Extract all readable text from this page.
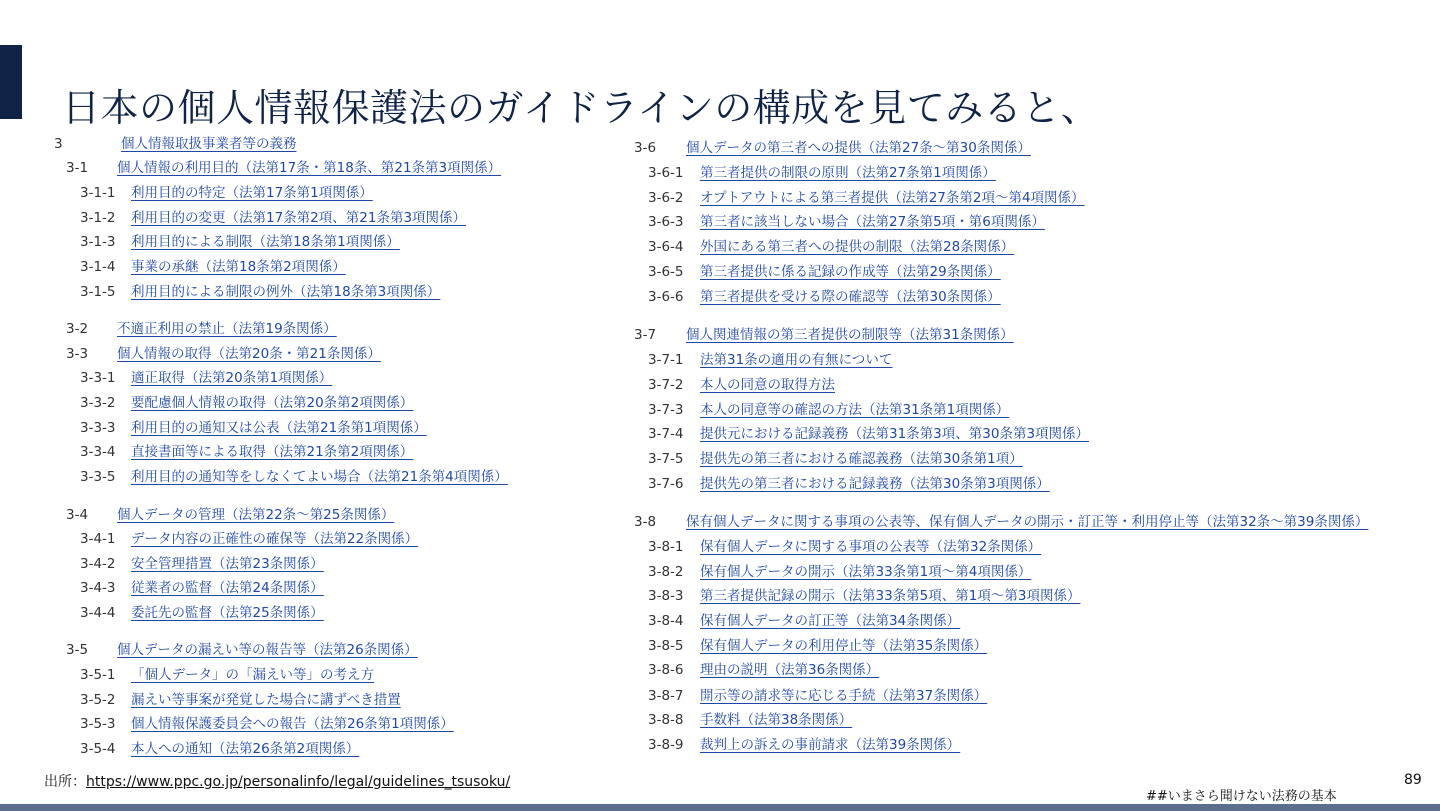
日本の個人情報保護法のガイドラインの構成を見てみると、
3	個人情報取扱事業者等の義務
3-1 個人情報の利用目的（法第17条・第18条、第21条第3項関係）
3-1-1 利用目的の特定（法第17条第1項関係）
3-1-2 利用目的の変更（法第17条第2項、第21条第3項関係）
3-1-3 利用目的による制限（法第18条第1項関係）
3-1-4 事業の承継（法第18条第2項関係）
3-1-5 利用目的による制限の例外（法第18条第3項関係）
3-2 不適正利用の禁止（法第19条関係）
3-3 個人情報の取得（法第20条・第21条関係）
3-3-1 適正取得（法第20条第1項関係）
3-3-2 要配慮個人情報の取得（法第20条第2項関係）
3-3-3 利用目的の通知又は公表（法第21条第1項関係）
3-3-4 直接書面等による取得（法第21条第2項関係）
3-3-5 利用目的の通知等をしなくてよい場合（法第21条第4項関係）
3-4 個人データの管理（法第22条～第25条関係）
3-4-1 データ内容の正確性の確保等（法第22条関係）
3-4-2 安全管理措置（法第23条関係）
3-4-3 従業者の監督（法第24条関係）
3-4-4 委託先の監督（法第25条関係）
3-5 個人データの漏えい等の報告等（法第26条関係）
3-5-1 「個人データ」の「漏えい等」の考え方
3-5-2 漏えい等事案が発覚した場合に講ずべき措置
3-5-3 個人情報保護委員会への報告（法第26条第1項関係）
3-5-4 本人への通知（法第26条第2項関係）
3-6 個人データの第三者への提供（法第27条～第30条関係）
3-6-1 第三者提供の制限の原則（法第27条第1項関係）
3-6-2 オプトアウトによる第三者提供（法第27条第2項～第4項関係）
3-6-3 第三者に該当しない場合（法第27条第5項・第6項関係）
3-6-4 外国にある第三者への提供の制限（法第28条関係）
3-6-5 第三者提供に係る記録の作成等（法第29条関係）
3-6-6 第三者提供を受ける際の確認等（法第30条関係）
3-7 個人関連情報の第三者提供の制限等（法第31条関係）
3-7-1 法第31条の適用の有無について
3-7-2 本人の同意の取得方法
3-7-3 本人の同意等の確認の方法（法第31条第1項関係）
3-7-4 提供元における記録義務（法第31条第3項、第30条第3項関係）
3-7-5 提供先の第三者における確認義務（法第30条第1項）
3-7-6 提供先の第三者における記録義務（法第30条第3項関係）
3-8 保有個人データに関する事項の公表等、保有個人データの開示・訂正等・利用停止等（法第32条～第39条関係）
3-8-1 保有個人データに関する事項の公表等（法第32条関係）
3-8-2 保有個人データの開示（法第33条第1項～第4項関係）
3-8-3 第三者提供記録の開示（法第33条第5項、第1項～第3項関係）
3-8-4 保有個人データの訂正等（法第34条関係）
3-8-5 保有個人データの利用停止等（法第35条関係）
3-8-6 理由の説明（法第36条関係）
3-8-7 開示等の請求等に応じる手続（法第37条関係）
3-8-8 手数料（法第38条関係）
3-8-9 裁判上の訴えの事前請求（法第39条関係）
出所：https://www.ppc.go.jp/personalinfo/legal/guidelines_tsusoku/
##いまさら聞けない法務の基本
89
